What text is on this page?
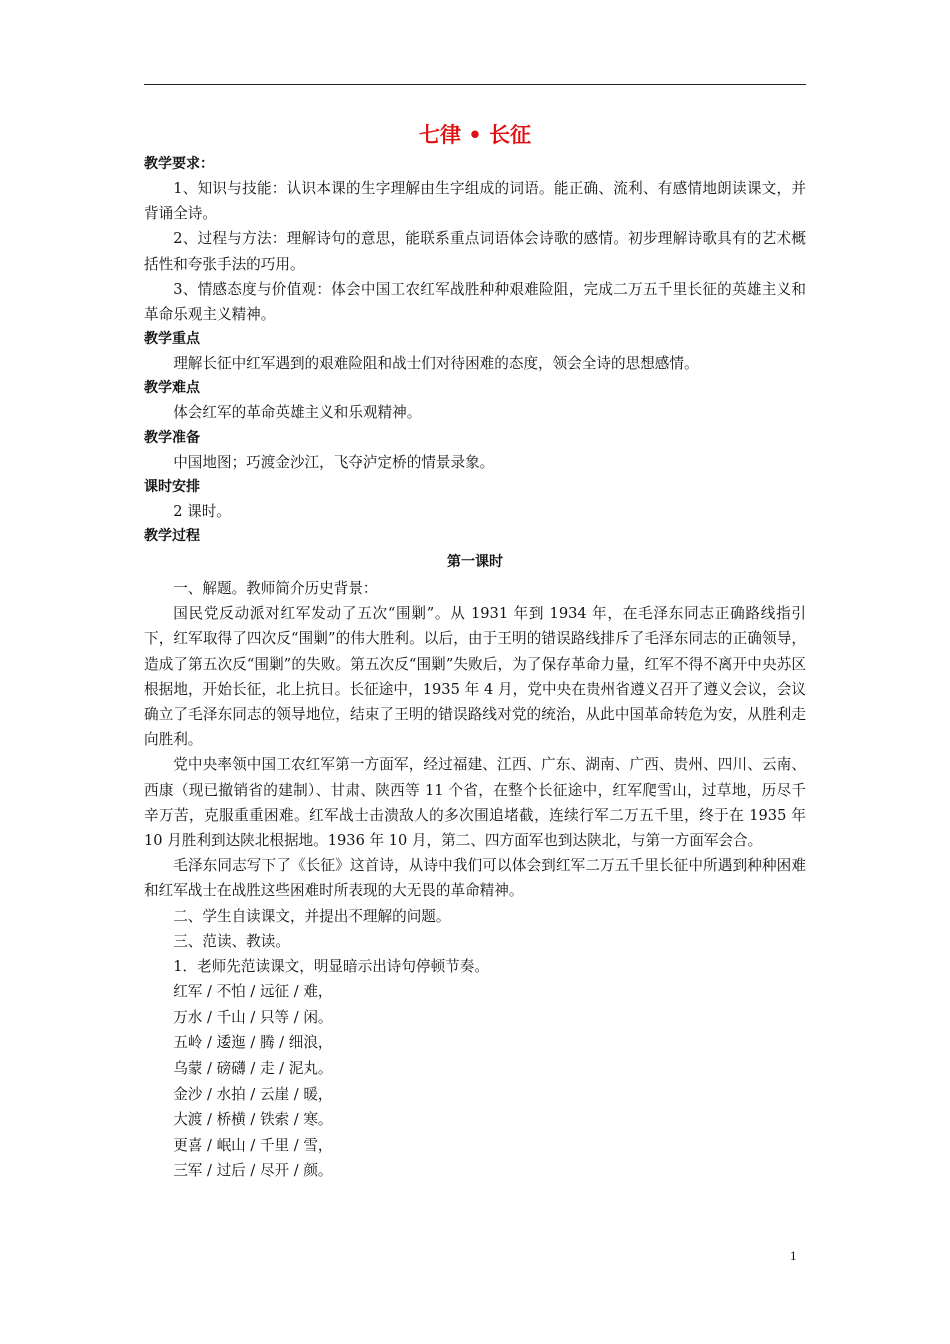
七律 • 长征
教学要求：

1、知识与技能：认识本课的生字理解由生字组成的词语。能正确、流利、有感情地朗读课文，并背诵全诗。

2、过程与方法：理解诗句的意思，能联系重点词语体会诗歌的感情。初步理解诗歌具有的艺术概括性和夸张手法的巧用。

3、情感态度与价值观：体会中国工农红军战胜种种艰难险阻，完成二万五千里长征的英雄主义和革命乐观主义精神。

教学重点

理解长征中红军遇到的艰难险阻和战士们对待困难的态度，领会全诗的思想感情。

教学难点

体会红军的革命英雄主义和乐观精神。

教学准备

中国地图；巧渡金沙江，飞夺泸定桥的情景录象。

课时安排

2 课时。

教学过程
第一课时

一、解题。教师简介历史背景：

国民党反动派对红军发动了五次“围剿”。从 1931 年到 1934 年，在毛泽东同志正确路线指引下，红军取得了四次反“围剿”的伟大胜利。以后，由于王明的错误路线排斥了毛泽东同志的正确领导，造成了第五次反“围剿”的失败。第五次反“围剿”失败后，为了保存革命力量，红军不得不离开中央苏区根据地，开始长征，北上抗日。长征途中，1935 年 4 月，党中央在贵州省遵义召开了遵义会议，会议确立了毛泽东同志的领导地位，结束了王明的错误路线对党的统治，从此中国革命转危为安，从胜利走向胜利。

党中央率领中国工农红军第一方面军，经过福建、江西、广东、湖南、广西、贵州、四川、云南、西康（现已撤销省的建制）、甘肃、陕西等 11 个省，在整个长征途中，红军爬雪山，过草地，历尽千辛万苦，克服重重困难。红军战士击溃敌人的多次围追堵截，连续行军二万五千里，终于在 1935 年 10 月胜利到达陕北根据地。1936 年 10 月，第二、四方面军也到达陕北，与第一方面军会合。

毛泽东同志写下了《长征》这首诗，从诗中我们可以体会到红军二万五千里长征中所遇到种种困难和红军战士在战胜这些困难时所表现的大无畏的革命精神。

二、学生自读课文，并提出不理解的问题。

三、范读、教读。

1．老师先范读课文，明显暗示出诗句停顿节奏。

红军 / 不怕 / 远征 / 难，
万水 / 千山 / 只等 / 闲。
五岭 / 逶迤 / 腾 / 细浪，
乌蒙 / 磅礴 / 走 / 泥丸。
金沙 / 水拍 / 云崖 / 暖，
大渡 / 桥横 / 铁索 / 寒。
更喜 / 岷山 / 千里 / 雪，
三军 / 过后 / 尽开 / 颜。
1
